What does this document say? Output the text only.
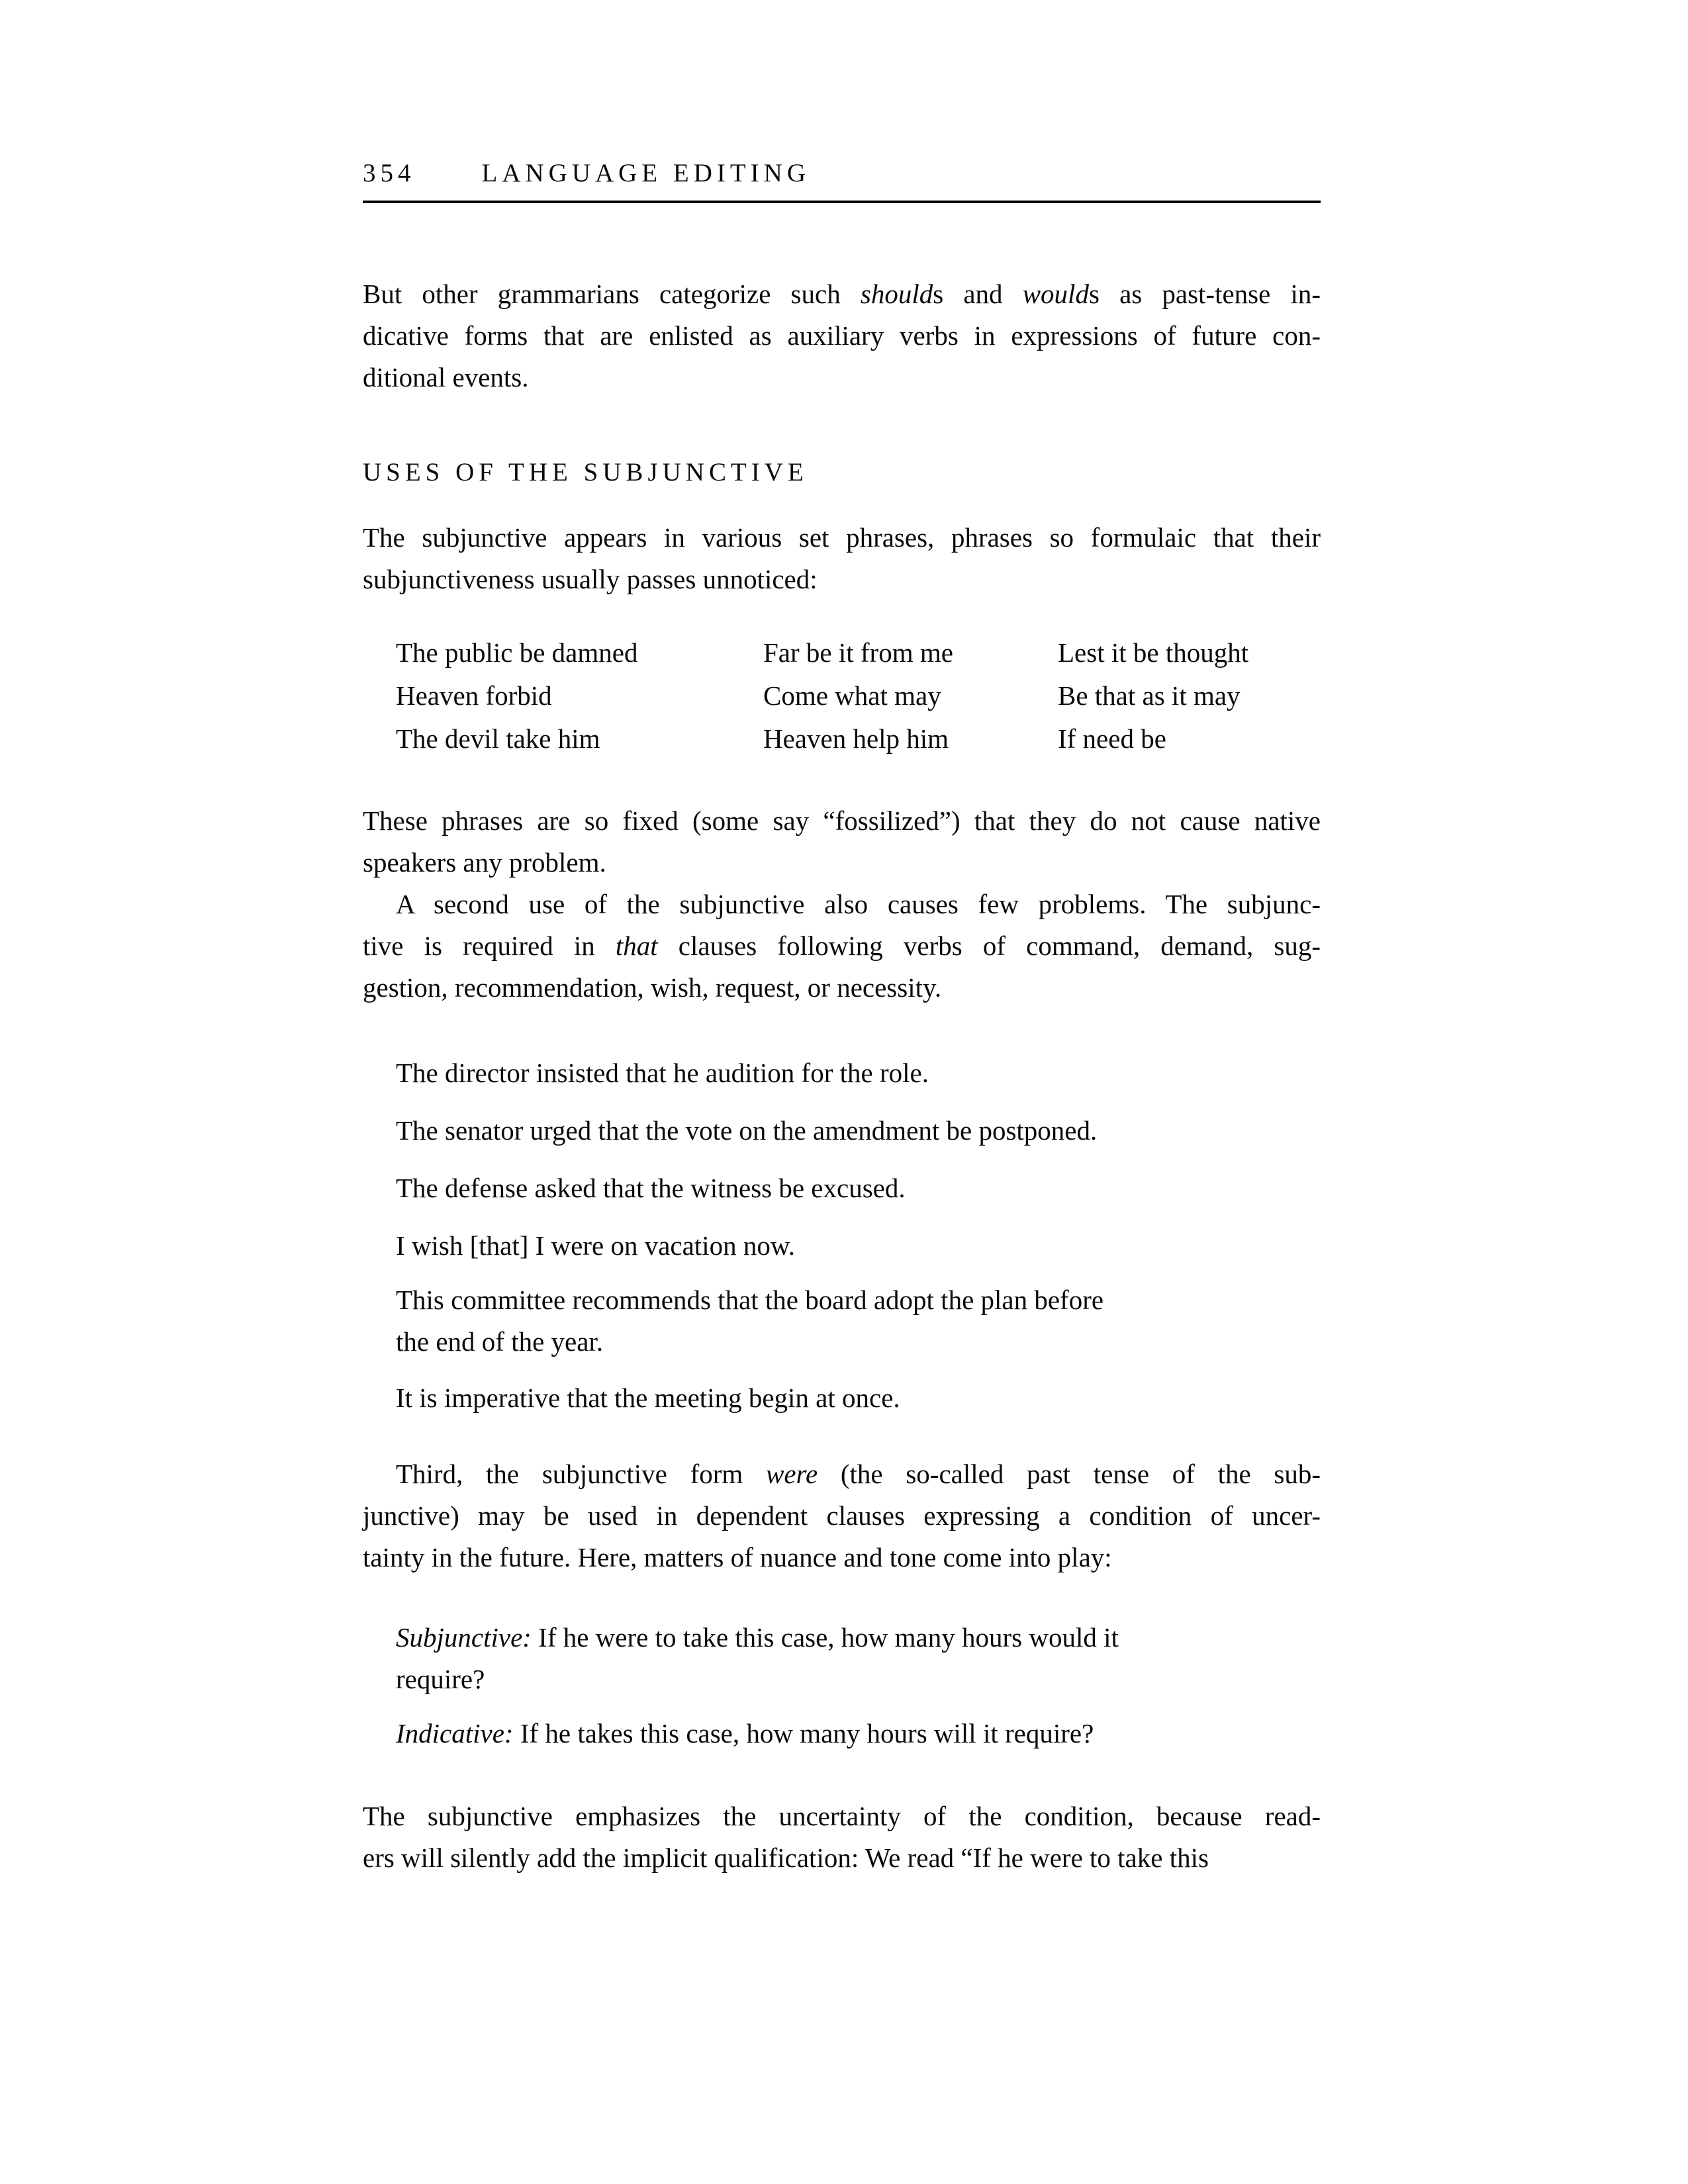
354	LANGUAGE EDITING
But other grammarians categorize such shoulds and woulds as past-tense in-
dicative forms that are enlisted as auxiliary verbs in expressions of future con-
ditional events.
USES OF THE SUBJUNCTIVE
The subjunctive appears in various set phrases, phrases so formulaic that their
subjunctiveness usually passes unnoticed:
The public be damned
Heaven forbid
The devil take him
Far be it from me
Come what may
Heaven help him
Lest it be thought
Be that as it may
If need be
These phrases are so fixed (some say “fossilized”) that they do not cause native
speakers any problem.
A second use of the subjunctive also causes few problems. The subjunc-
tive is required in that clauses following verbs of command, demand, sug-
gestion, recommendation, wish, request, or necessity.
The director insisted that he audition for the role.
The senator urged that the vote on the amendment be postponed.
The defense asked that the witness be excused.
I wish [that] I were on vacation now.
This committee recommends that the board adopt the plan before
the end of the year.
It is imperative that the meeting begin at once.
Third, the subjunctive form were (the so-called past tense of the sub-
junctive) may be used in dependent clauses expressing a condition of uncer-
tainty in the future. Here, matters of nuance and tone come into play:
Subjunctive: If he were to take this case, how many hours would it
require?
Indicative: If he takes this case, how many hours will it require?
The subjunctive emphasizes the uncertainty of the condition, because read-
ers will silently add the implicit qualification: We read “If he were to take this
